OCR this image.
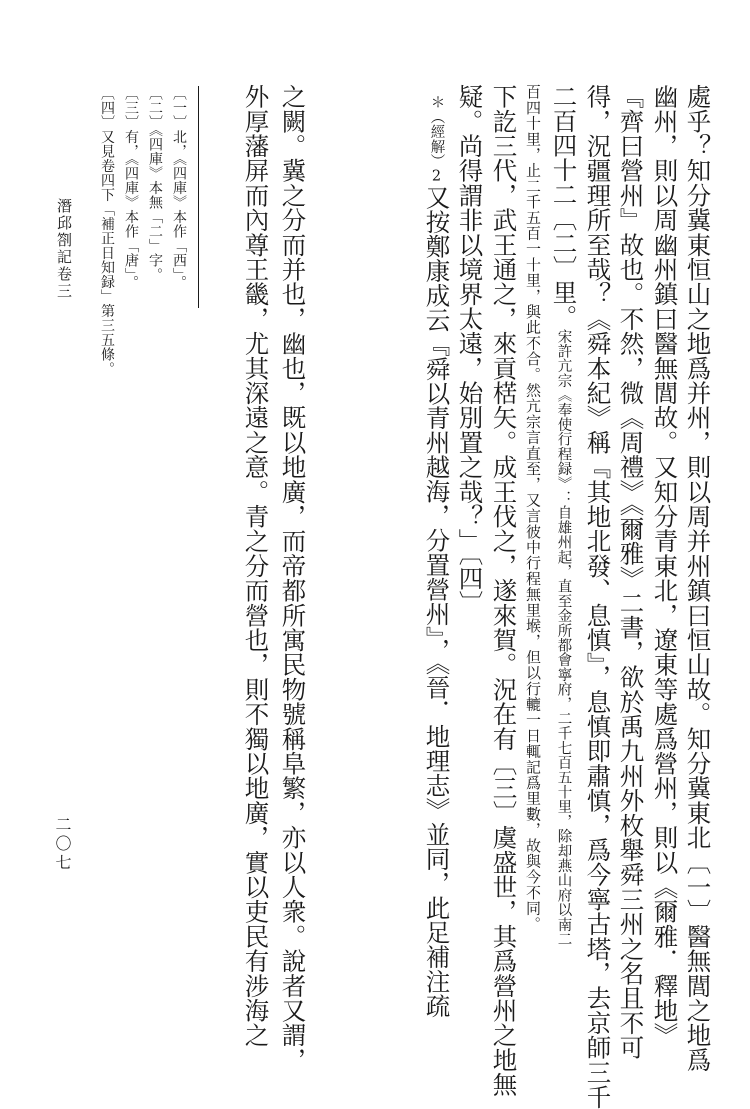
處乎？知分冀東恒山之地爲并州，則以周并州鎮曰恒山故。知分冀東北〔一〕醫無閭之地爲
幽州，則以周幽州鎮曰醫無閭故。又知分青東北，遼東等處爲營州，則以《爾雅．釋地》
『齊曰營州』故也。不然，微《周禮》《爾雅》二書，欲於禹九州外枚舉舜三州之名且不可
得，況疆理所至哉？《舜本紀》稱『其地北發、息慎』，息慎即肅慎，爲今寧古塔，去京師三千
二百四十二〔二〕里。宋許亢宗《奉使行程録》：自雄州起，直至金所都會寧府，二千七百五十里，除却燕山府以南二
百四十里，止二千五百一十里，與此不合。然亢宗言直至，又言彼中行程無里堠，但以行轆一日輒記爲里數，故與今不同。
下訖三代，武王通之，來貢楛矢。成王伐之，遂來賀。況在有〔三〕虞盛世，其爲營州之地無
疑。尚得謂非以境界太遠，始別置之哉？」〔四〕
＊（經解）2又按鄭康成云『舜以青州越海，分置營州』，《晉．地理志》並同，此足補注疏
之闕。冀之分而并也，幽也，既以地廣，而帝都所寓民物號稱阜繁，亦以人衆。說者又謂，
外厚藩屏而內尊王畿，尤其深遠之意。青之分而營也，則不獨以地廣，實以吏民有涉海之
〔一〕北，《四庫》本作「西」。
〔二〕《四庫》本無「二」字。
〔三〕有，《四庫》本作「唐」。
〔四〕又見卷四下「補正日知録」第三五條。
潛邱劄記卷三
二〇七
